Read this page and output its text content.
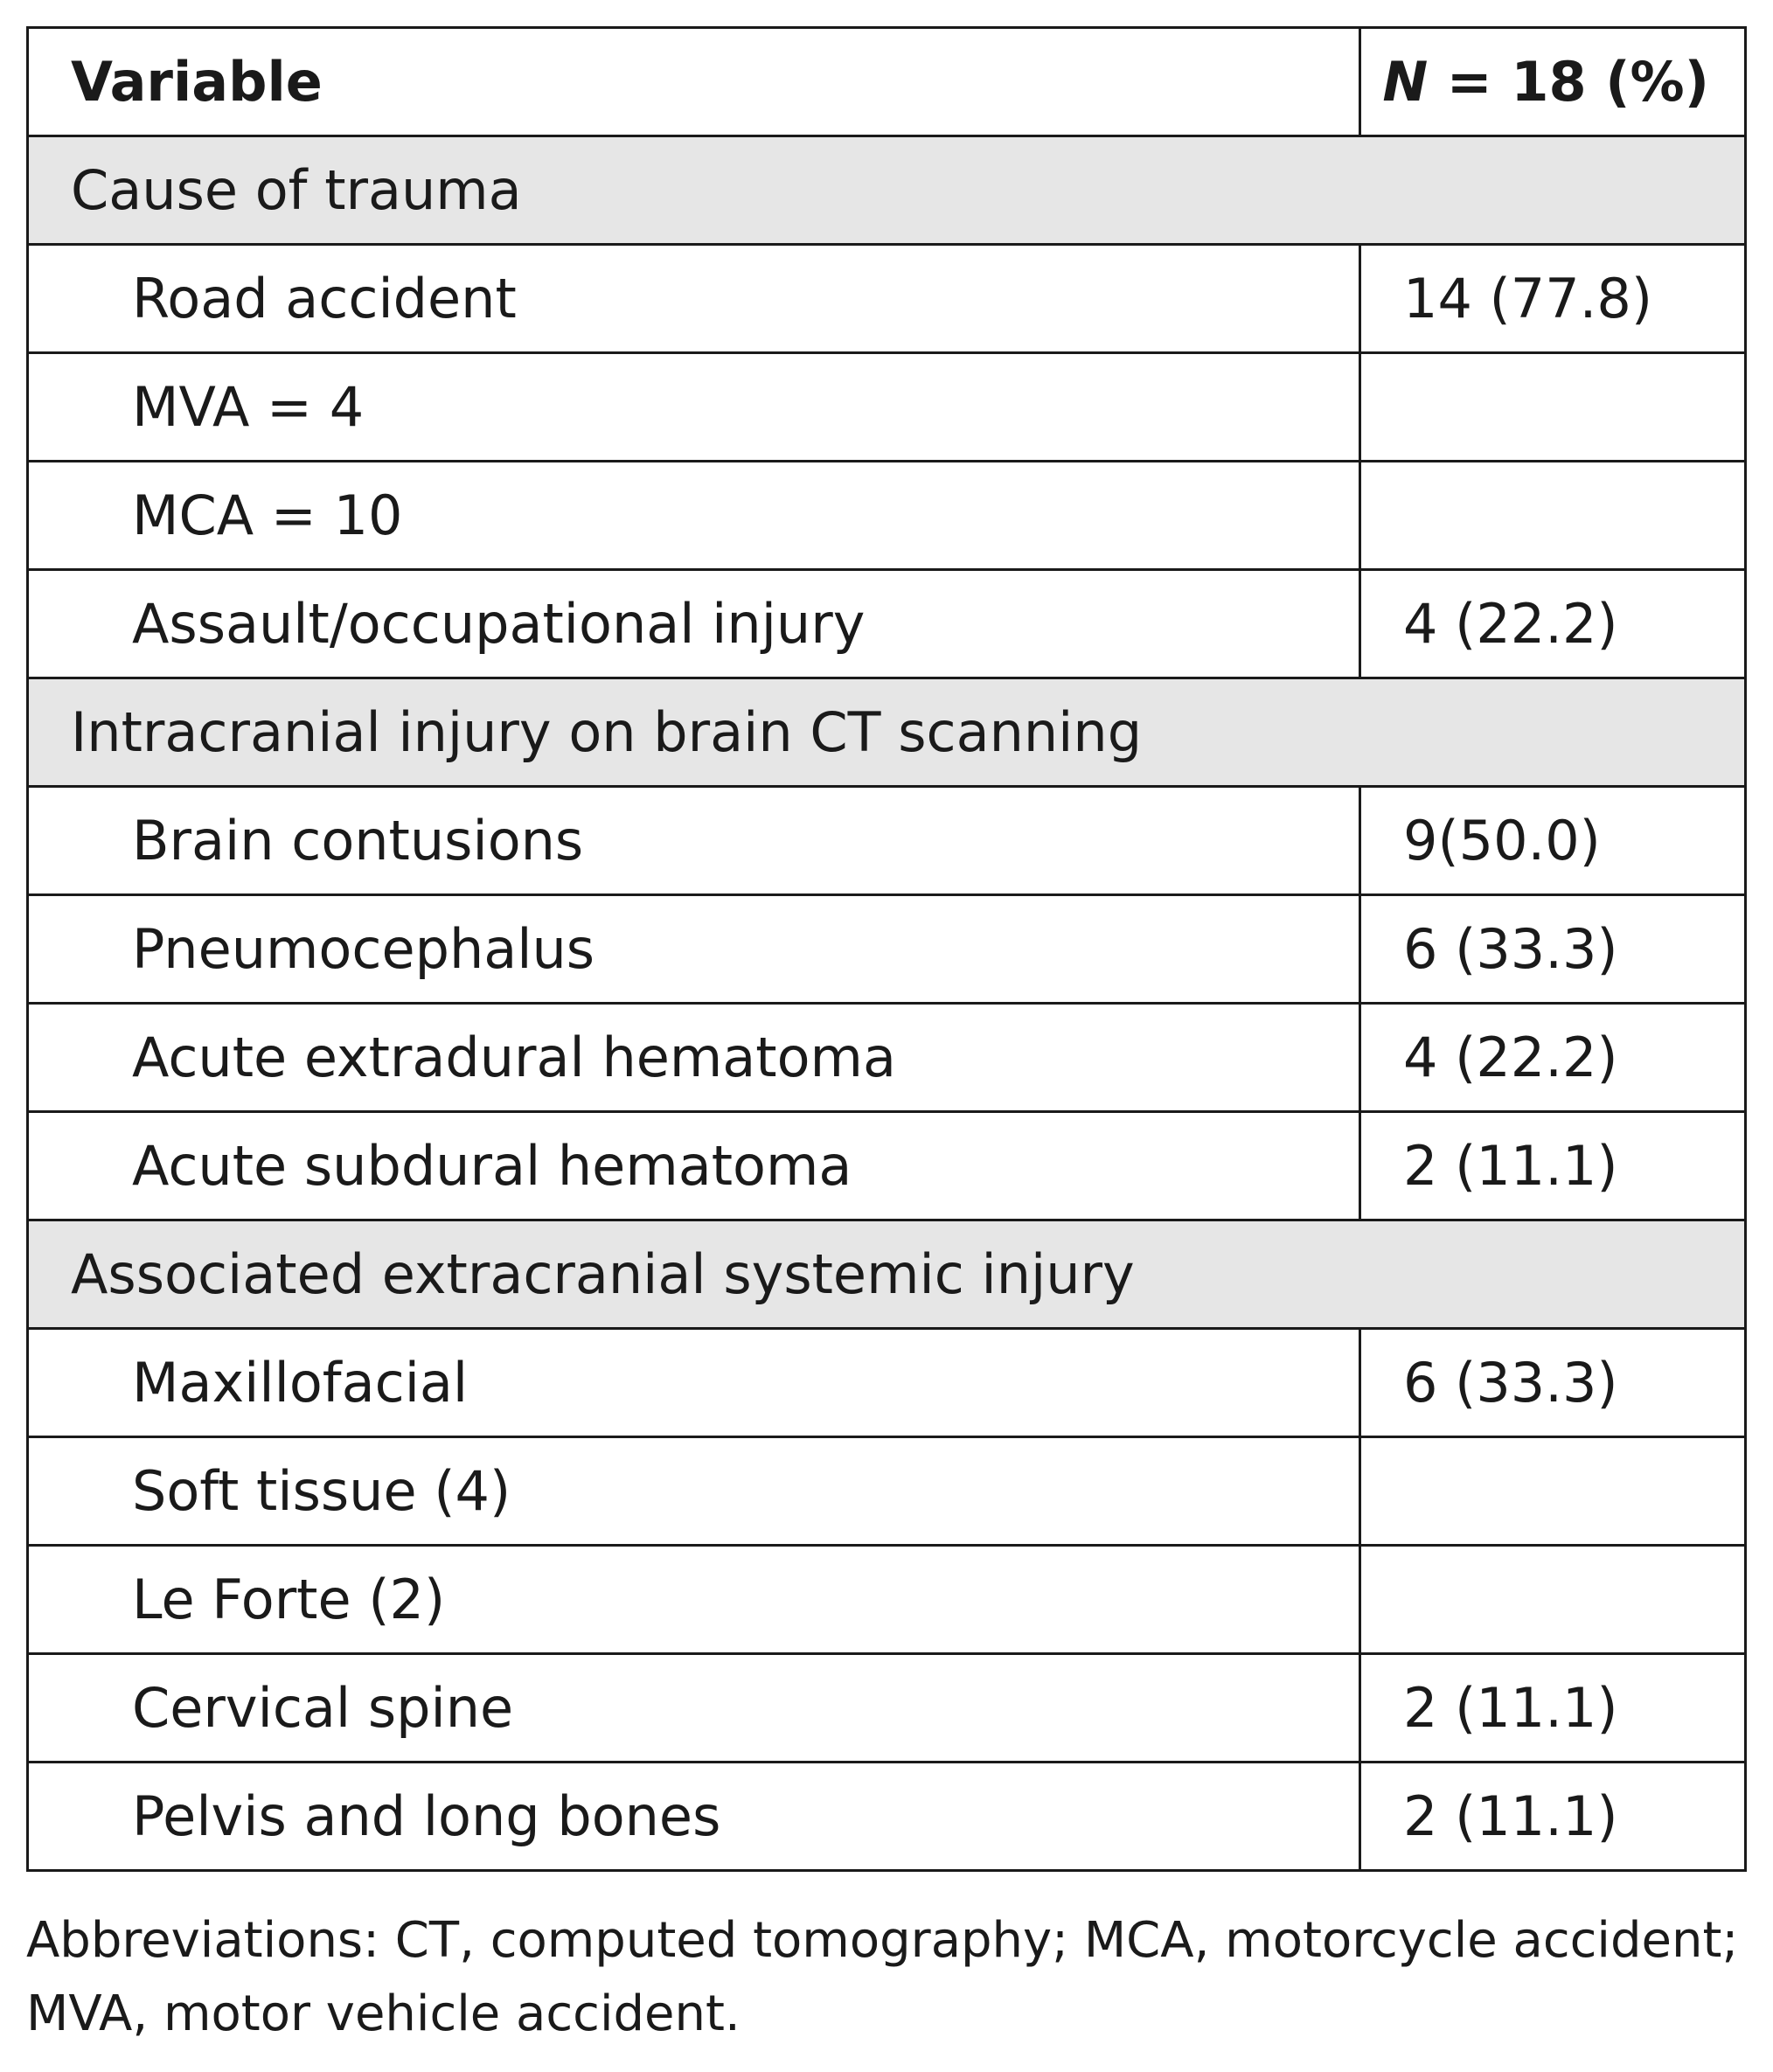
Variable	N = 18 (%)
Cause of trauma
Road accident	14 (77.8)
MVA = 4
MCA = 10
Assault/occupational injury	4 (22.2)
Intracranial injury on brain CT scanning
Brain contusions	9(50.0)
Pneumocephalus	6 (33.3)
Acute extradural hematoma	4 (22.2)
Acute subdural hematoma	2 (11.1)
Associated extracranial systemic injury
Maxillofacial	6 (33.3)
Soft tissue (4)
Le Forte (2)
Cervical spine	2 (11.1)
Pelvis and long bones	2 (11.1)
Abbreviations: CT, computed tomography; MCA, motorcycle accident;
MVA, motor vehicle accident.
